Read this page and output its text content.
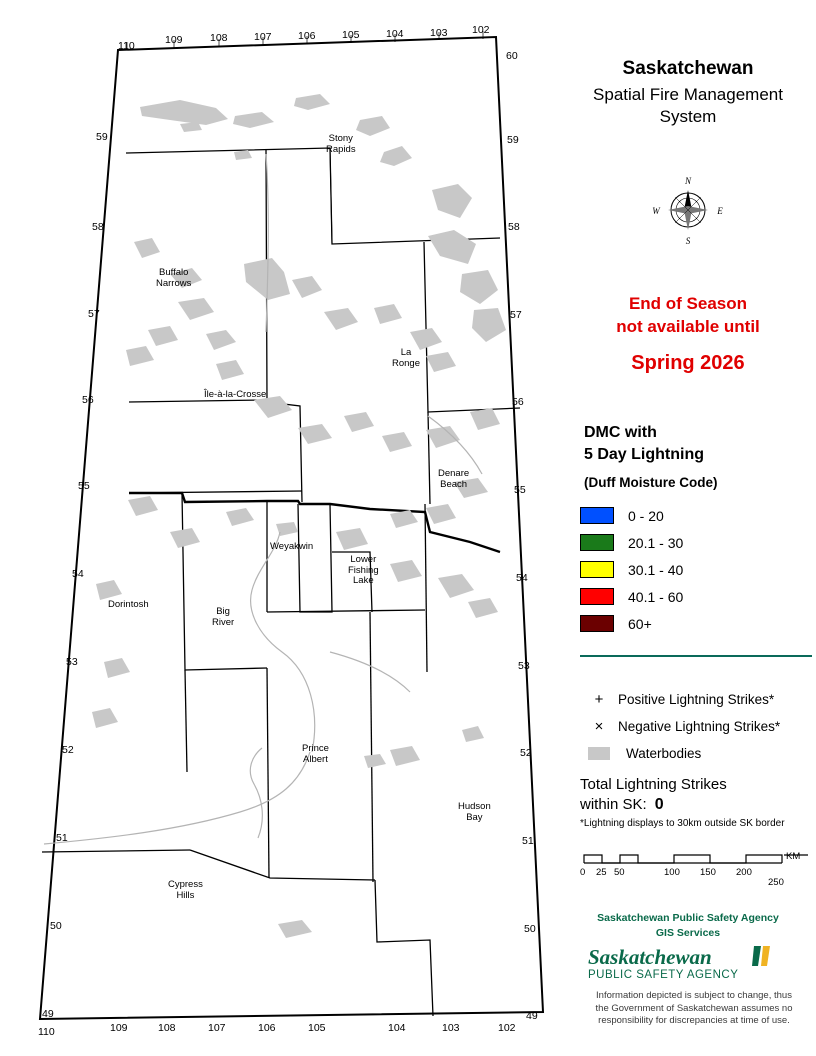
110	109	108	107	106	105	104	103 102
110	109	108	107	106	105	104	103	102
59
58
57
56
55
54
53
52
51
50
49
60
59
58
57
56
55
54
53
52
51
50
49
Stony
Rapids
Buffalo
Narrows
Île-à-la-Crosse
La
Ronge
Denare
Beach
Weyakwin
Lower
Fishing
Lake
Dorintosh
Big
River
Prince
Albert
Hudson
Bay
Cypress
Hills
Saskatchewan
Spatial Fire Management
System
N
S
W	E
End of Season
not available until
Spring 2026
DMC with
5 Day Lightning
(Duff Moisture Code)
0 - 20
20.1 - 30
30.1 - 40
40.1 - 60
60+
+	Positive Lightning Strikes*
×	Negative Lightning Strikes*
Waterbodies
Total Lightning Strikes
within SK: 0
*Lightning displays to 30km outside SK border
0 25 50	100 150 200
250
KM
Saskatchewan Public Safety Agency
GIS Services
Saskatchewan
PUBLIC SAFETY AGENCY
Information depicted is subject to change, thus
the Government of Saskatchewan assumes no
responsibility for discrepancies at time of use.
